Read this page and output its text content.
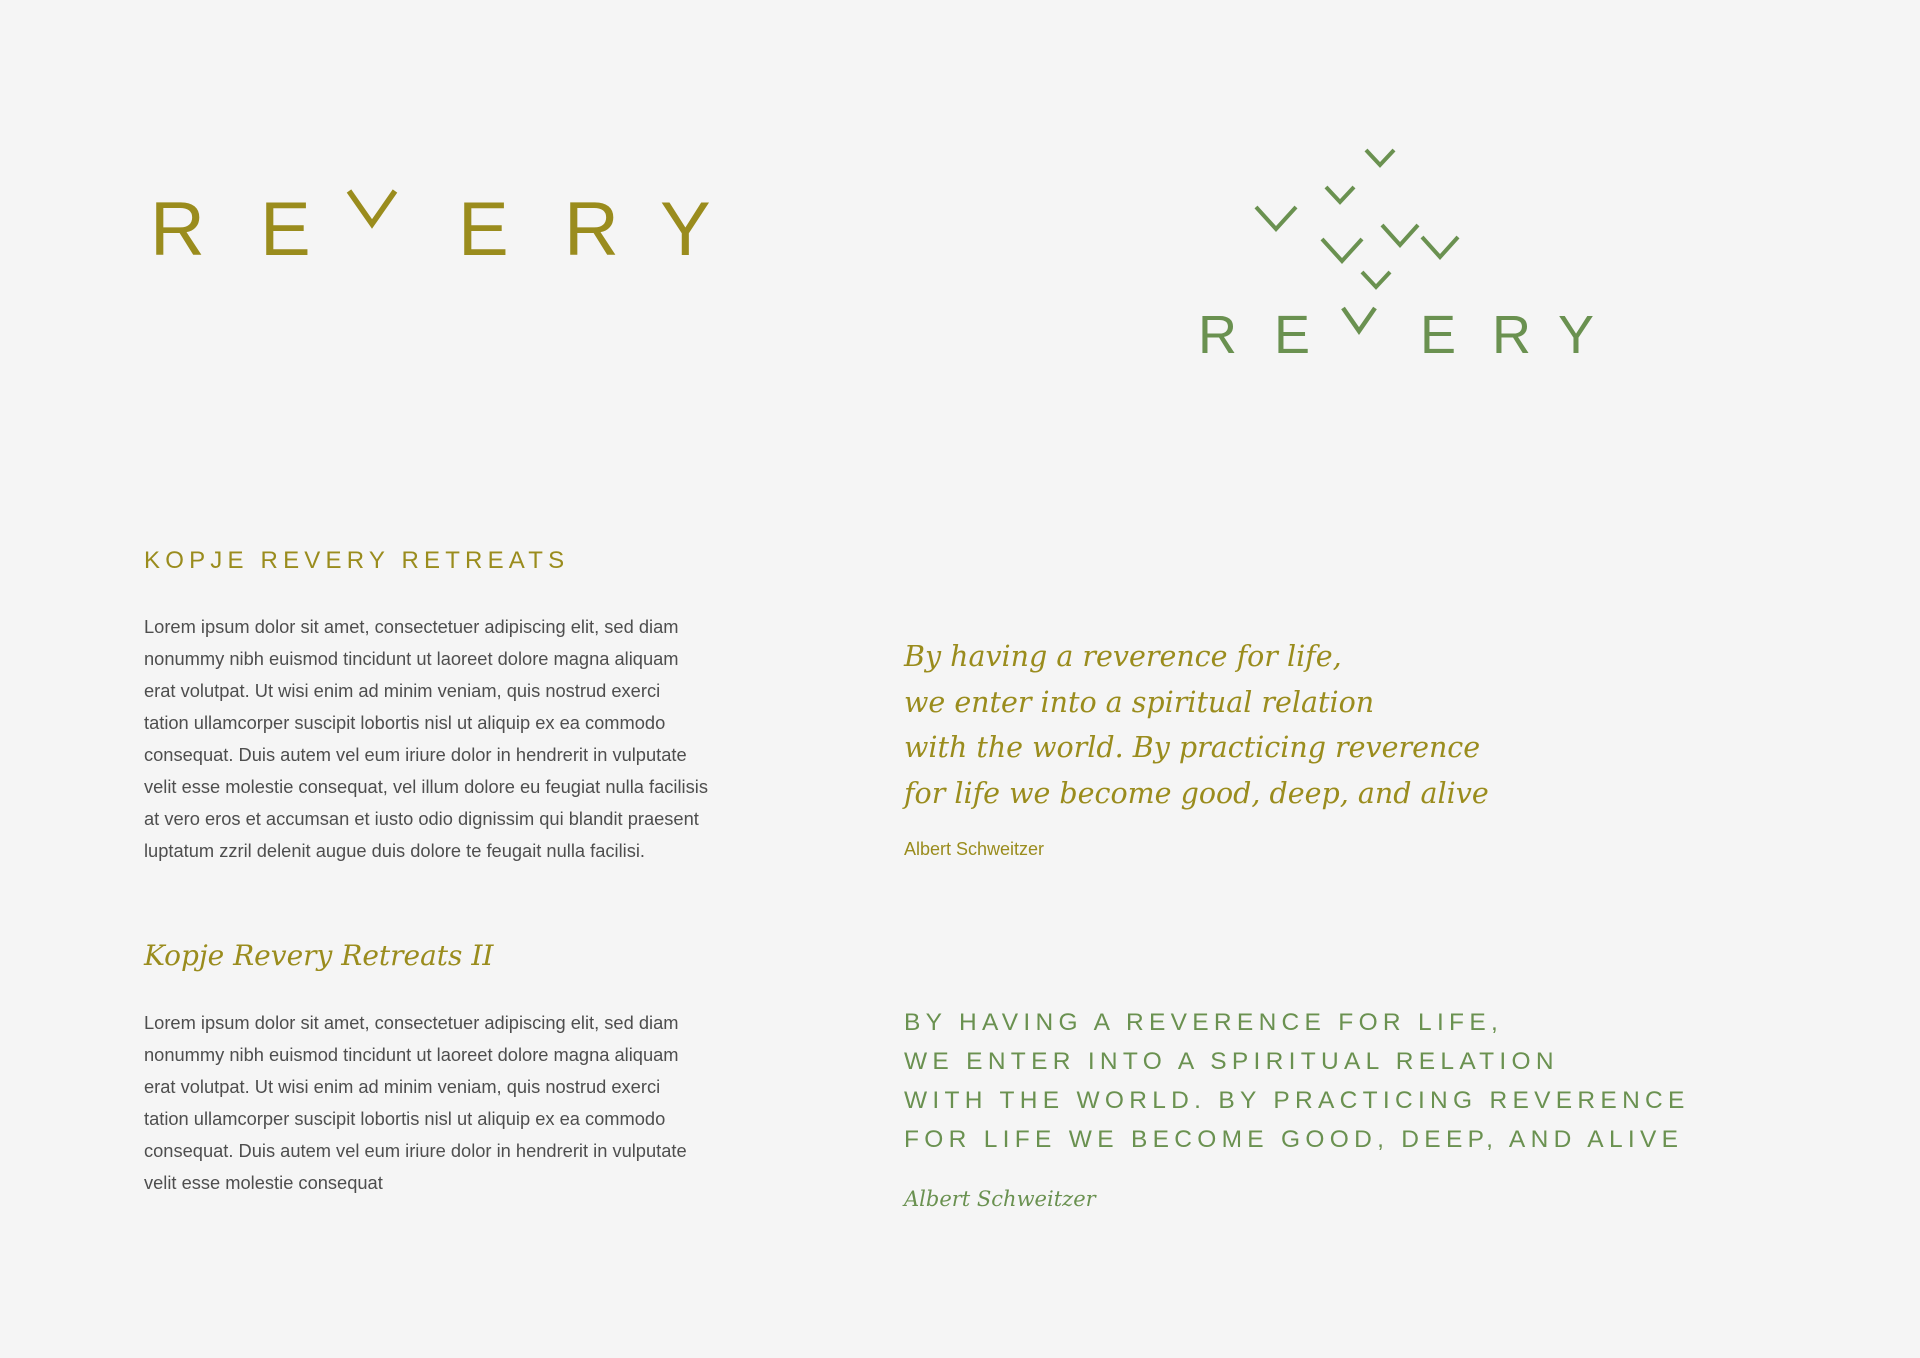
R E E R Y
R E E R Y
KOPJE REVERY RETREATS
Lorem ipsum dolor sit amet, consectetuer adipiscing elit, sed diam
nonummy nibh euismod tincidunt ut laoreet dolore magna aliquam
erat volutpat. Ut wisi enim ad minim veniam, quis nostrud exerci
tation ullamcorper suscipit lobortis nisl ut aliquip ex ea commodo
consequat. Duis autem vel eum iriure dolor in hendrerit in vulputate
velit esse molestie consequat, vel illum dolore eu feugiat nulla facilisis
at vero eros et accumsan et iusto odio dignissim qui blandit praesent
luptatum zzril delenit augue duis dolore te feugait nulla facilisi.
Kopje Revery Retreats II
Lorem ipsum dolor sit amet, consectetuer adipiscing elit, sed diam
nonummy nibh euismod tincidunt ut laoreet dolore magna aliquam
erat volutpat. Ut wisi enim ad minim veniam, quis nostrud exerci
tation ullamcorper suscipit lobortis nisl ut aliquip ex ea commodo
consequat. Duis autem vel eum iriure dolor in hendrerit in vulputate
velit esse molestie consequat
By having a reverence for life,
we enter into a spiritual relation
with the world. By practicing reverence
for life we become good, deep, and alive
Albert Schweitzer
BY HAVING A REVERENCE FOR LIFE,
WE ENTER INTO A SPIRITUAL RELATION
WITH THE WORLD. BY PRACTICING REVERENCE
FOR LIFE WE BECOME GOOD, DEEP, AND ALIVE
Albert Schweitzer
